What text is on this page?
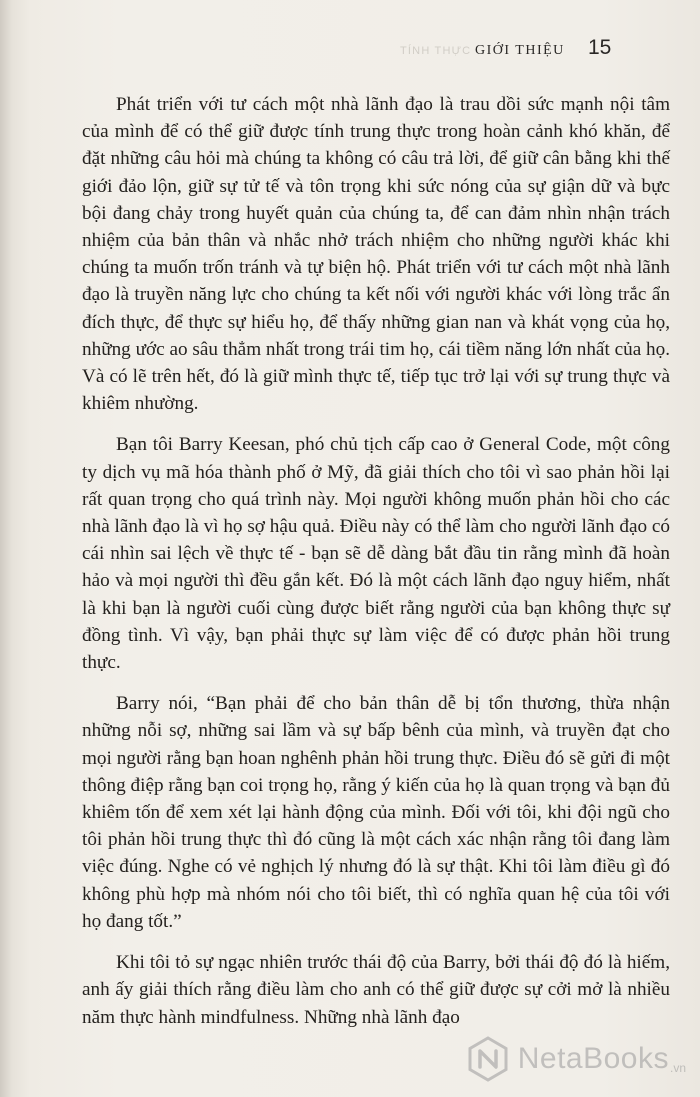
TÍNH THỰC GIỚI THIỆU 15

Phát triển với tư cách một nhà lãnh đạo là trau dồi sức mạnh nội tâm của mình để có thể giữ được tính trung thực trong hoàn cảnh khó khăn, để đặt những câu hỏi mà chúng ta không có câu trả lời, để giữ cân bằng khi thế giới đảo lộn, giữ sự tử tế và tôn trọng khi sức nóng của sự giận dữ và bực bội đang chảy trong huyết quản của chúng ta, để can đảm nhìn nhận trách nhiệm của bản thân và nhắc nhở trách nhiệm cho những người khác khi chúng ta muốn trốn tránh và tự biện hộ. Phát triển với tư cách một nhà lãnh đạo là truyền năng lực cho chúng ta kết nối với người khác với lòng trắc ẩn đích thực, để thực sự hiểu họ, để thấy những gian nan và khát vọng của họ, những ước ao sâu thẳm nhất trong trái tim họ, cái tiềm năng lớn nhất của họ. Và có lẽ trên hết, đó là giữ mình thực tế, tiếp tục trở lại với sự trung thực và khiêm nhường.

Bạn tôi Barry Keesan, phó chủ tịch cấp cao ở General Code, một công ty dịch vụ mã hóa thành phố ở Mỹ, đã giải thích cho tôi vì sao phản hồi lại rất quan trọng cho quá trình này. Mọi người không muốn phản hồi cho các nhà lãnh đạo là vì họ sợ hậu quả. Điều này có thể làm cho người lãnh đạo có cái nhìn sai lệch về thực tế - bạn sẽ dễ dàng bắt đầu tin rằng mình đã hoàn hảo và mọi người thì đều gắn kết. Đó là một cách lãnh đạo nguy hiểm, nhất là khi bạn là người cuối cùng được biết rằng người của bạn không thực sự đồng tình. Vì vậy, bạn phải thực sự làm việc để có được phản hồi trung thực.

Barry nói, “Bạn phải để cho bản thân dễ bị tổn thương, thừa nhận những nỗi sợ, những sai lầm và sự bấp bênh của mình, và truyền đạt cho mọi người rằng bạn hoan nghênh phản hồi trung thực. Điều đó sẽ gửi đi một thông điệp rằng bạn coi trọng họ, rằng ý kiến của họ là quan trọng và bạn đủ khiêm tốn để xem xét lại hành động của mình. Đối với tôi, khi đội ngũ cho tôi phản hồi trung thực thì đó cũng là một cách xác nhận rằng tôi đang làm việc đúng. Nghe có vẻ nghịch lý nhưng đó là sự thật. Khi tôi làm điều gì đó không phù hợp mà nhóm nói cho tôi biết, thì có nghĩa quan hệ của tôi với họ đang tốt.”

Khi tôi tỏ sự ngạc nhiên trước thái độ của Barry, bởi thái độ đó là hiếm, anh ấy giải thích rằng điều làm cho anh có thể giữ được sự cởi mở là nhiều năm thực hành mindfulness. Những nhà lãnh đạo

NetaBooks .vn
